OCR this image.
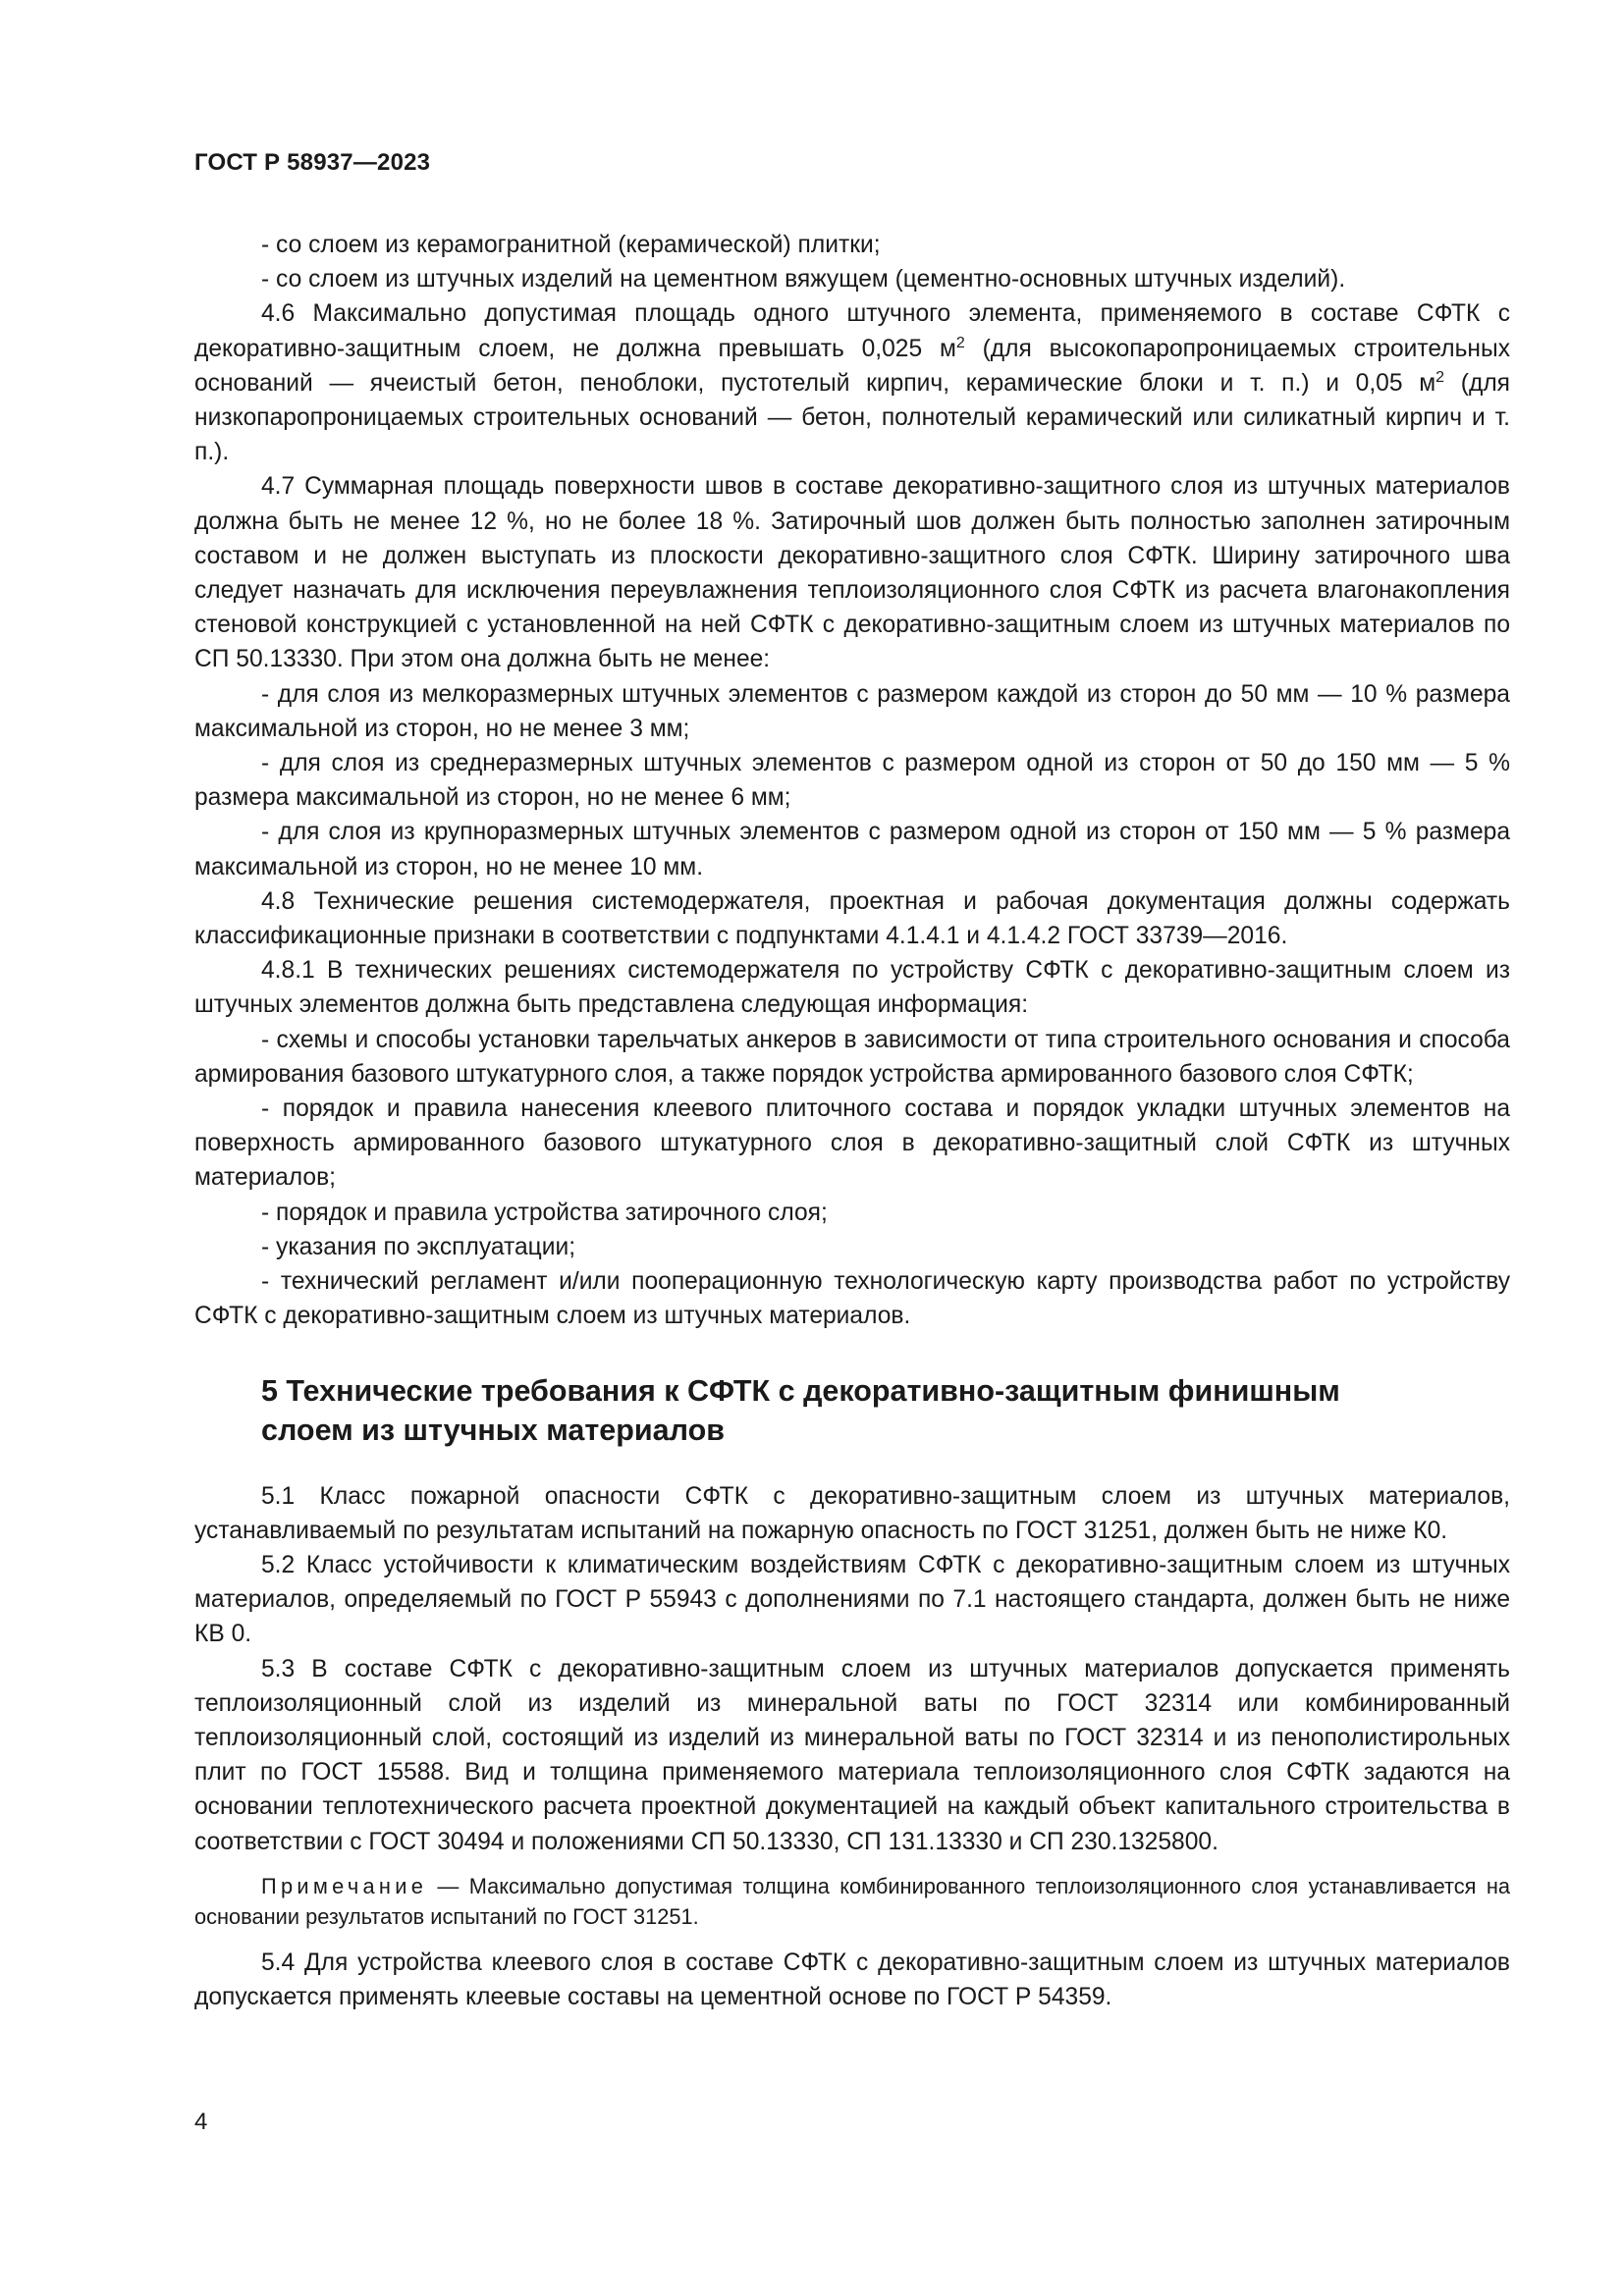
ГОСТ Р 58937—2023

- со слоем из керамогранитной (керамической) плитки;

- со слоем из штучных изделий на цементном вяжущем (цементно-основных штучных изделий).

4.6 Максимально допустимая площадь одного штучного элемента, применяемого в составе СФТК с декоративно-защитным слоем, не должна превышать 0,025 $м^2$ (для высокопаропроницаемых строительных оснований — ячеистый бетон, пеноблоки, пустотелый кирпич, керамические блоки и т. п.) и 0,05 $м^2$ (для низкопаропроницаемых строительных оснований — бетон, полнотелый керамический или силикатный кирпич и т. п.).

4.7 Суммарная площадь поверхности швов в составе декоративно-защитного слоя из штучных материалов должна быть не менее 12 %, но не более 18 %. Затирочный шов должен быть полностью заполнен затирочным составом и не должен выступать из плоскости декоративно-защитного слоя СФТК. Ширину затирочного шва следует назначать для исключения переувлажнения теплоизоляционного слоя СФТК из расчета влагонакопления стеновой конструкцией с установленной на ней СФТК с декоративно-защитным слоем из штучных материалов по СП 50.13330. При этом она должна быть не менее:

- для слоя из мелкоразмерных штучных элементов с размером каждой из сторон до 50 мм — 10 % размера максимальной из сторон, но не менее 3 мм;

- для слоя из среднеразмерных штучных элементов с размером одной из сторон от 50 до 150 мм — 5 % размера максимальной из сторон, но не менее 6 мм;

- для слоя из крупноразмерных штучных элементов с размером одной из сторон от 150 мм — 5 % размера максимальной из сторон, но не менее 10 мм.

4.8 Технические решения системодержателя, проектная и рабочая документация должны содержать классификационные признаки в соответствии с подпунктами 4.1.4.1 и 4.1.4.2 ГОСТ 33739—2016.

4.8.1 В технических решениях системодержателя по устройству СФТК с декоративно-защитным слоем из штучных элементов должна быть представлена следующая информация:

- схемы и способы установки тарельчатых анкеров в зависимости от типа строительного основания и способа армирования базового штукатурного слоя, а также порядок устройства армированного базового слоя СФТК;

- порядок и правила нанесения клеевого плиточного состава и порядок укладки штучных элементов на поверхность армированного базового штукатурного слоя в декоративно-защитный слой СФТК из штучных материалов;

- порядок и правила устройства затирочного слоя;

- указания по эксплуатации;

- технический регламент и/или пооперационную технологическую карту производства работ по устройству СФТК с декоративно-защитным слоем из штучных материалов.

5 Технические требования к СФТК с декоративно-защитным финишным
слоем из штучных материалов

5.1 Класс пожарной опасности СФТК с декоративно-защитным слоем из штучных материалов, устанавливаемый по результатам испытаний на пожарную опасность по ГОСТ 31251, должен быть не ниже К0.

5.2 Класс устойчивости к климатическим воздействиям СФТК с декоративно-защитным слоем из штучных материалов, определяемый по ГОСТ Р 55943 с дополнениями по 7.1 настоящего стандарта, должен быть не ниже КВ 0.

5.3 В составе СФТК с декоративно-защитным слоем из штучных материалов допускается применять теплоизоляционный слой из изделий из минеральной ваты по ГОСТ 32314 или комбинированный теплоизоляционный слой, состоящий из изделий из минеральной ваты по ГОСТ 32314 и из пенополистирольных плит по ГОСТ 15588. Вид и толщина применяемого материала теплоизоляционного слоя СФТК задаются на основании теплотехнического расчета проектной документацией на каждый объект капитального строительства в соответствии с ГОСТ 30494 и положениями СП 50.13330, СП 131.13330 и СП 230.1325800.

Примечание — Максимально допустимая толщина комбинированного теплоизоляционного слоя устанавливается на основании результатов испытаний по ГОСТ 31251.

5.4 Для устройства клеевого слоя в составе СФТК с декоративно-защитным слоем из штучных материалов допускается применять клеевые составы на цементной основе по ГОСТ Р 54359.

4
